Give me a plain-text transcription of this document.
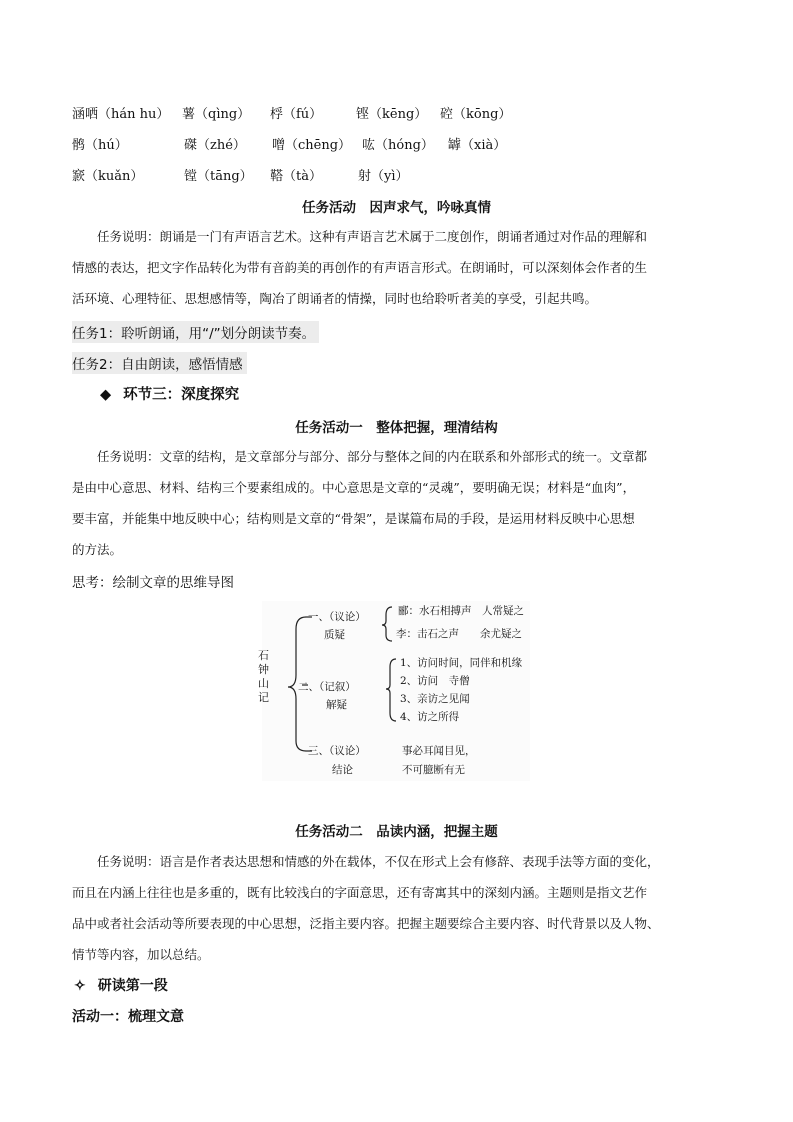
涵哂（hán hu） 薯（qìng） 桴（fú）	铿（kēng） 硿（kōng）
鹘（hú）	磔（zhé） 噌（chēng） 吰（hóng） 罅（xià）
窾（kuǎn）	镗（tāng） 鞳（tà）	射（yì）
任务活动　因声求气，吟咏真情

　　任务说明：朗诵是一门有声语言艺术。这种有声语言艺术属于二度创作，朗诵者通过对作品的理解和

情感的表达，把文字作品转化为带有音韵美的再创作的有声语言形式。在朗诵时，可以深刻体会作者的生

活环境、心理特征、思想感情等，陶冶了朗诵者的情操，同时也给聆听者美的享受，引起共鸣。

任务1：聆听朗诵，用“/”划分朗读节奏。
任务2：自由朗读，感悟情感
◆ 环节三：深度探究
任务活动一　整体把握，理清结构

　　任务说明：文章的结构，是文章部分与部分、部分与整体之间的内在联系和外部形式的统一。文章都

是由中心意思、材料、结构三个要素组成的。中心意思是文章的“灵魂”，要明确无误；材料是“血肉”，

要丰富，并能集中地反映中心；结构则是文章的“骨架”，是谋篇布局的手段，是运用材料反映中心思想

的方法。

思考：绘制文章的思维导图
石
钟
山
记
一、（议论）
质疑
郦：水石相搏声　人常疑之
李：击石之声　　余尤疑之
二、（记叙）
解疑
1、访问时间，同伴和机缘
2、访问　寺僧
3、亲访之见闻
4、访之所得
三、（议论）
结论
事必耳闻目见，
不可臆断有无
任务活动二　品读内涵，把握主题

　　任务说明：语言是作者表达思想和情感的外在载体，不仅在形式上会有修辞、表现手法等方面的变化，

而且在内涵上往往也是多重的，既有比较浅白的字面意思，还有寄寓其中的深刻内涵。主题则是指文艺作

品中或者社会活动等所要表现的中心思想，泛指主要内容。把握主题要综合主要内容、时代背景以及人物、

情节等内容，加以总结。

✧ 研读第一段
活动一：梳理文意
